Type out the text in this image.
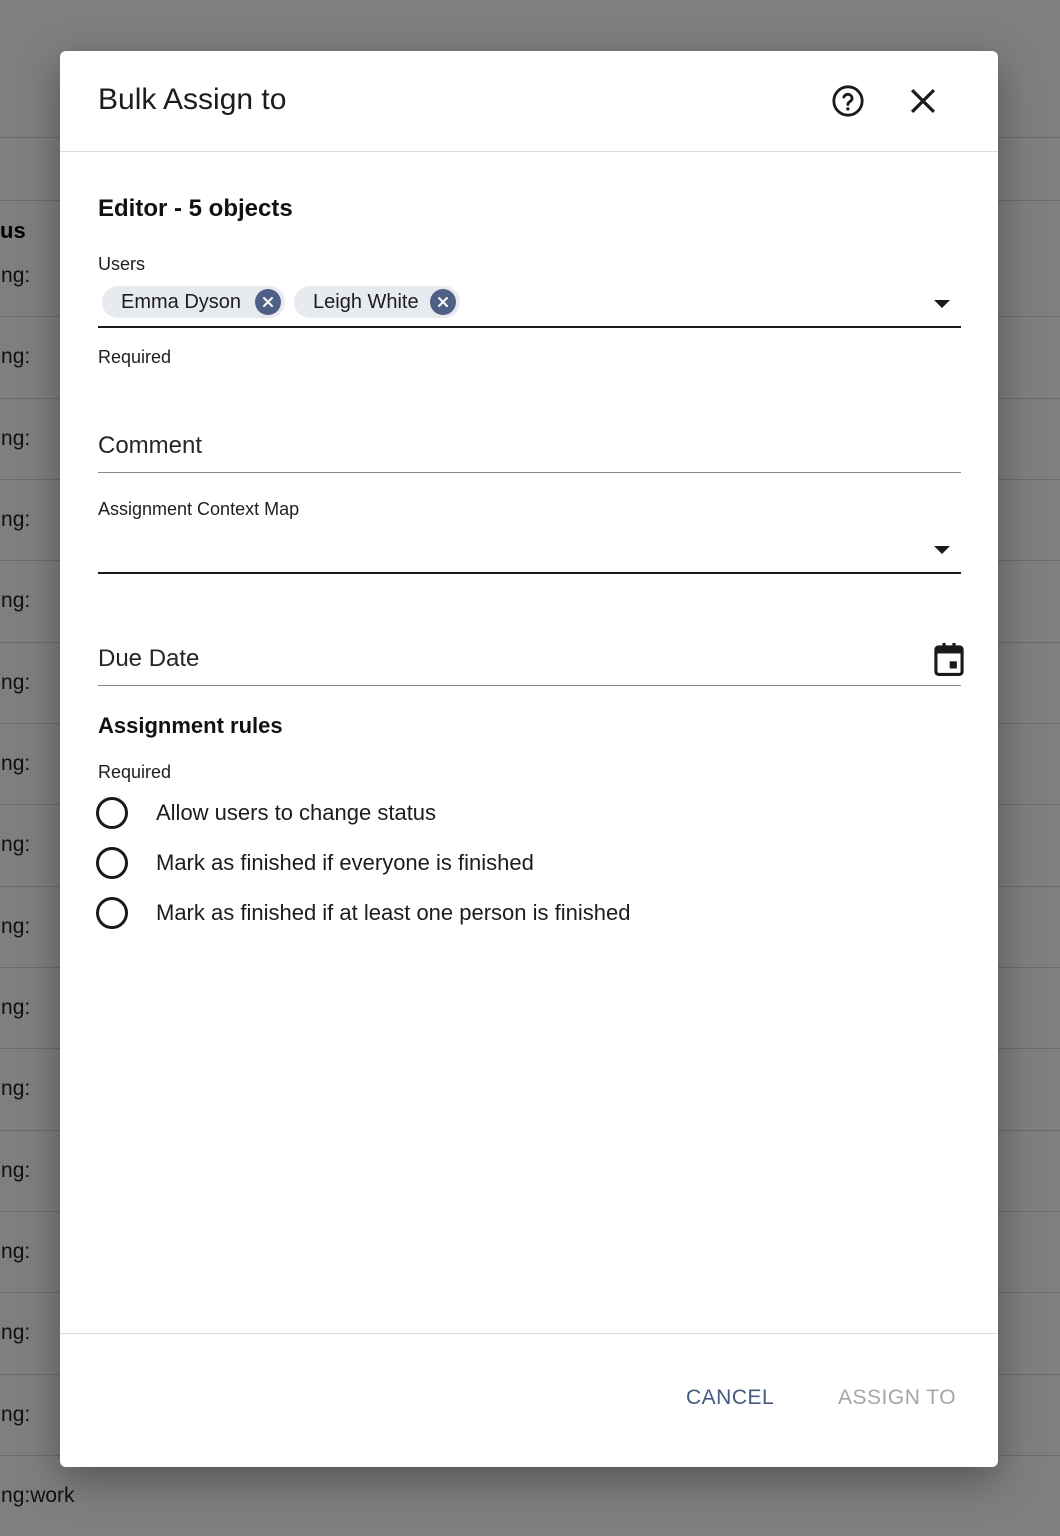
Bulk Assign to
Editor - 5 objects
Users
Emma Dyson	Leigh White
Required
Comment
Assignment Context Map
Due Date
Assignment rules
Required
Allow users to change status
Mark as finished if everyone is finished
Mark as finished if at least one person is finished
CANCEL	ASSIGN TO
